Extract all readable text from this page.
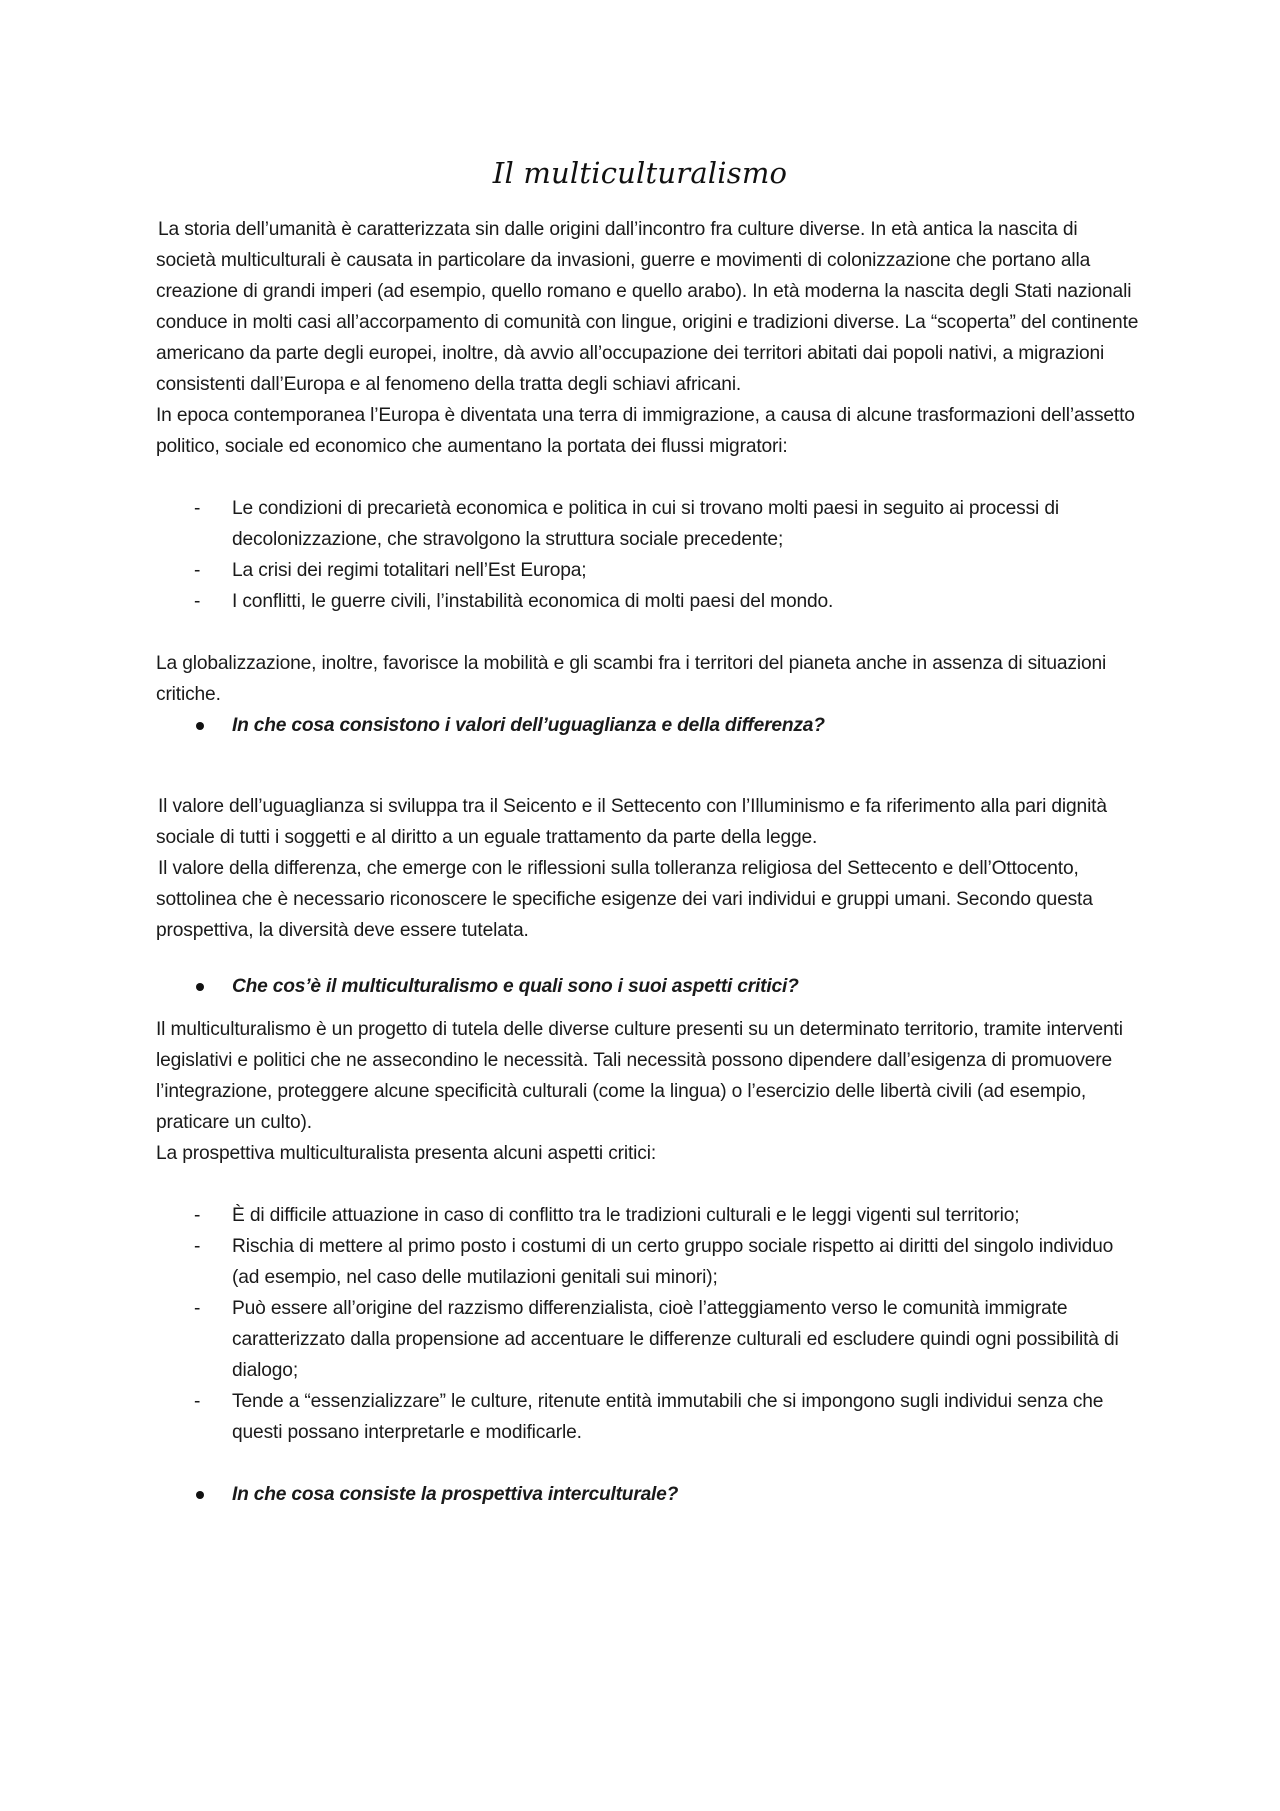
Il multiculturalismo

La storia dell’umanità è caratterizzata sin dalle origini dall’incontro fra culture diverse. In età antica la nascita di società multiculturali è causata in particolare da invasioni, guerre e movimenti di colonizzazione che portano alla creazione di grandi imperi (ad esempio, quello romano e quello arabo). In età moderna la nascita degli Stati nazionali conduce in molti casi all’accorpamento di comunità con lingue, origini e tradizioni diverse. La “scoperta” del continente americano da parte degli europei, inoltre, dà avvio all’occupazione dei territori abitati dai popoli nativi, a migrazioni consistenti dall’Europa e al fenomeno della tratta degli schiavi africani.

In epoca contemporanea l’Europa è diventata una terra di immigrazione, a causa di alcune trasformazioni dell’assetto politico, sociale ed economico che aumentano la portata dei flussi migratori:

- Le condizioni di precarietà economica e politica in cui si trovano molti paesi in seguito ai processi di decolonizzazione, che stravolgono la struttura sociale precedente;
- La crisi dei regimi totalitari nell’Est Europa;
- I conflitti, le guerre civili, l’instabilità economica di molti paesi del mondo.

La globalizzazione, inoltre, favorisce la mobilità e gli scambi fra i territori del pianeta anche in assenza di situazioni critiche.

In che cosa consistono i valori dell’uguaglianza e della differenza?

Il valore dell’uguaglianza si sviluppa tra il Seicento e il Settecento con l’Illuminismo e fa riferimento alla pari dignità sociale di tutti i soggetti e al diritto a un eguale trattamento da parte della legge.

Il valore della differenza, che emerge con le riflessioni sulla tolleranza religiosa del Settecento e dell’Ottocento, sottolinea che è necessario riconoscere le specifiche esigenze dei vari individui e gruppi umani. Secondo questa prospettiva, la diversità deve essere tutelata.

Che cos’è il multiculturalismo e quali sono i suoi aspetti critici?

Il multiculturalismo è un progetto di tutela delle diverse culture presenti su un determinato territorio, tramite interventi legislativi e politici che ne assecondino le necessità. Tali necessità possono dipendere dall’esigenza di promuovere l’integrazione, proteggere alcune specificità culturali (come la lingua) o l’esercizio delle libertà civili (ad esempio, praticare un culto).

La prospettiva multiculturalista presenta alcuni aspetti critici:

- È di difficile attuazione in caso di conflitto tra le tradizioni culturali e le leggi vigenti sul territorio;
- Rischia di mettere al primo posto i costumi di un certo gruppo sociale rispetto ai diritti del singolo individuo (ad esempio, nel caso delle mutilazioni genitali sui minori);
- Può essere all’origine del razzismo differenzialista, cioè l’atteggiamento verso le comunità immigrate caratterizzato dalla propensione ad accentuare le differenze culturali ed escludere quindi ogni possibilità di dialogo;
- Tende a “essenzializzare” le culture, ritenute entità immutabili che si impongono sugli individui senza che questi possano interpretarle e modificarle.
In che cosa consiste la prospettiva interculturale?
